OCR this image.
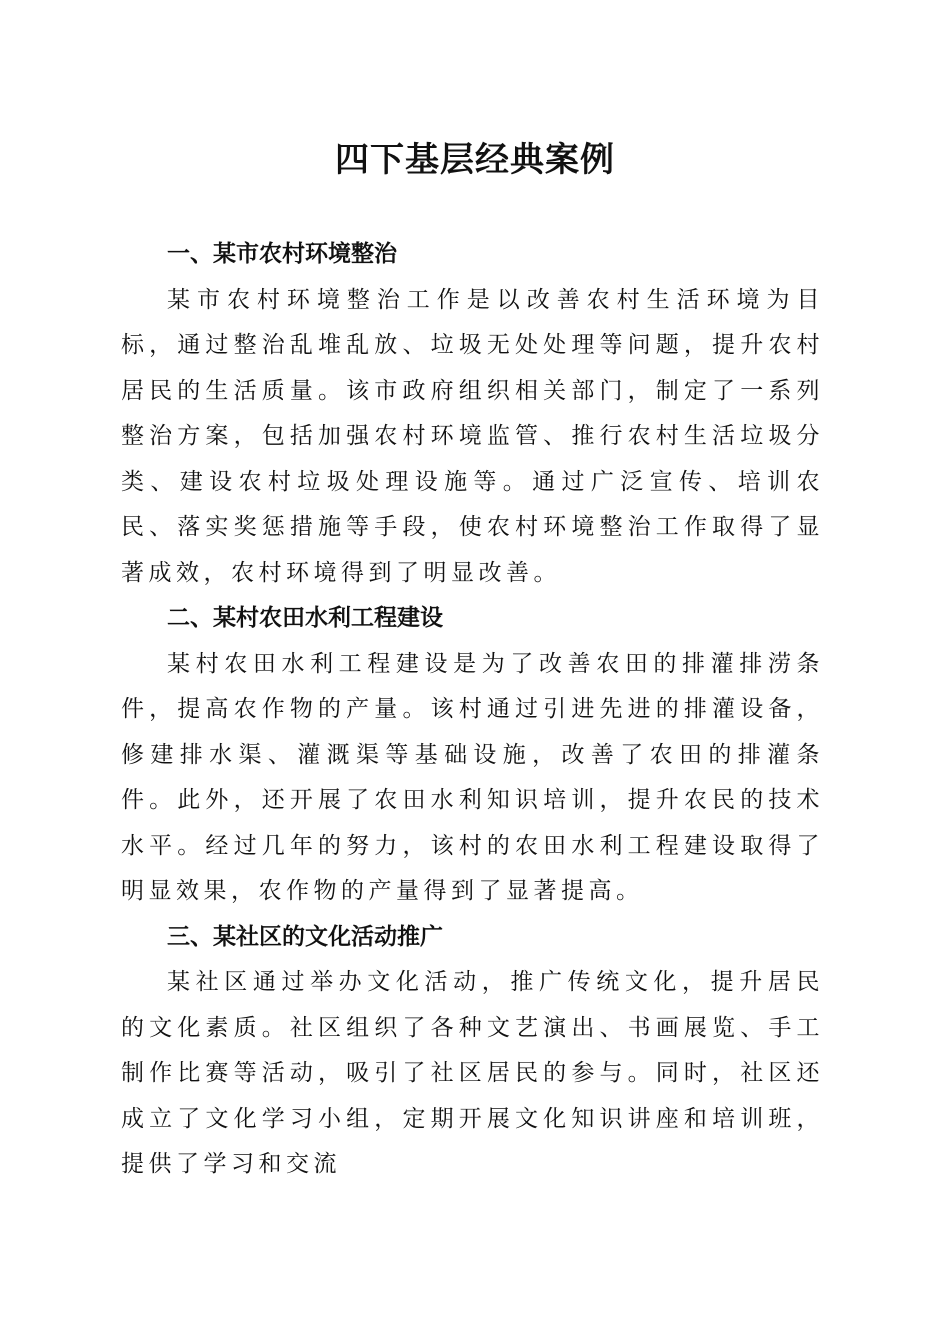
四下基层经典案例
一、某市农村环境整治

某市农村环境整治工作是以改善农村生活环境为目标，通过整治乱堆乱放、垃圾无处处理等问题，提升农村居民的生活质量。该市政府组织相关部门，制定了一系列整治方案，包括加强农村环境监管、推行农村生活垃圾分类、建设农村垃圾处理设施等。通过广泛宣传、培训农民、落实奖惩措施等手段，使农村环境整治工作取得了显著成效，农村环境得到了明显改善。

二、某村农田水利工程建设

某村农田水利工程建设是为了改善农田的排灌排涝条件，提高农作物的产量。该村通过引进先进的排灌设备，修建排水渠、灌溉渠等基础设施，改善了农田的排灌条件。此外，还开展了农田水利知识培训，提升农民的技术水平。经过几年的努力，该村的农田水利工程建设取得了明显效果，农作物的产量得到了显著提高。

三、某社区的文化活动推广

某社区通过举办文化活动，推广传统文化，提升居民的文化素质。社区组织了各种文艺演出、书画展览、手工制作比赛等活动，吸引了社区居民的参与。同时，社区还成立了文化学习小组，定期开展文化知识讲座和培训班，提供了学习和交流
